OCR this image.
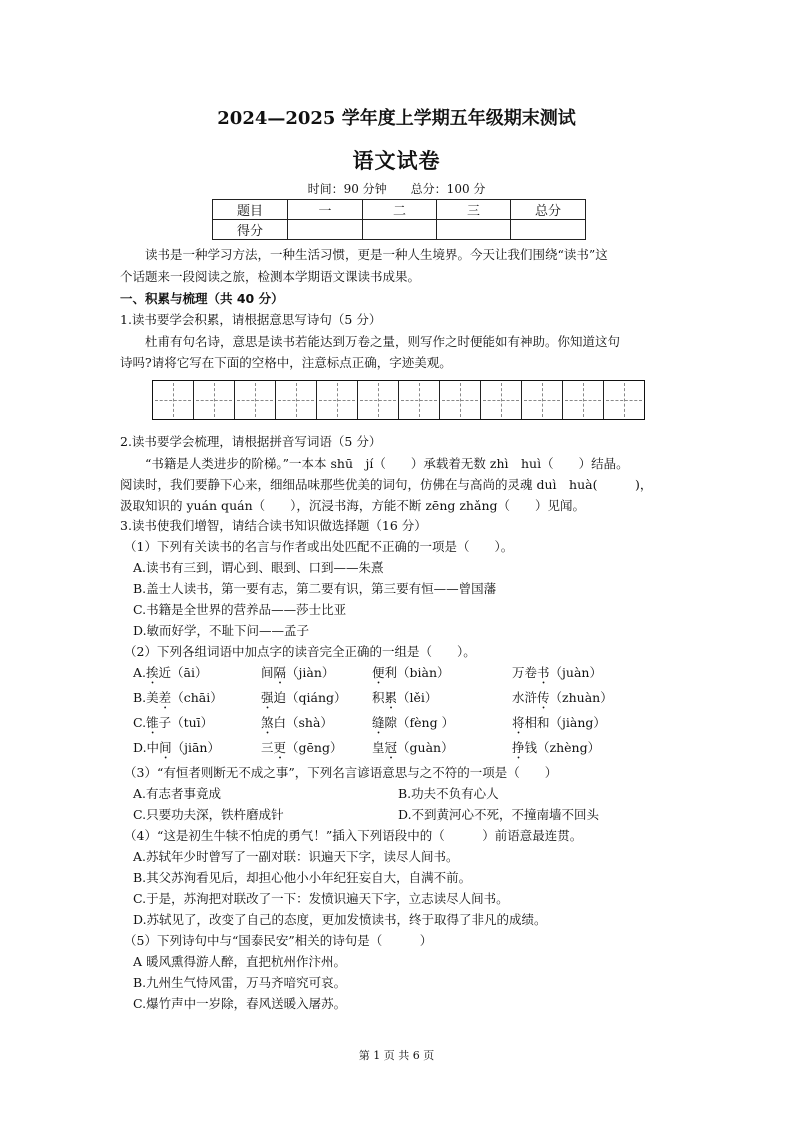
2024—2025 学年度上学期五年级期末测试
语文试卷
时间：90 分钟　　总分：100 分
题目	一	二	三	总分
得分				
读书是一种学习方法，一种生活习惯，更是一种人生境界。今天让我们围绕“读书”这
个话题来一段阅读之旅，检测本学期语文课读书成果。
一、积累与梳理（共 40 分）
1.读书要学会积累，请根据意思写诗句（5 分）
杜甫有句名诗，意思是读书若能达到万卷之量，则写作之时便能如有神助。你知道这句
诗吗?请将它写在下面的空格中，注意标点正确，字迹美观。
2.读书要学会梳理，请根据拼音写词语（5 分）
“书籍是人类进步的阶梯。”一本本 shū　jí（　　）承载着无数 zhì　huì（　　）结晶。
阅读时，我们要静下心来，细细品味那些优美的词句，仿佛在与高尚的灵魂 duì　huà(　　　)，
汲取知识的 yuán quán（　　），沉浸书海，方能不断 zēng zhǎng（　　）见闻。
3.读书使我们增智，请结合读书知识做选择题（16 分）
（1）下列有关读书的名言与作者或出处匹配不正确的一项是（　　）。
A.读书有三到，谓心到、眼到、口到——朱熹
B.盖士人读书，第一要有志，第二要有识，第三要有恒——曾国藩
C.书籍是全世界的营养品——莎士比亚
D.敏而好学，不耻下问——孟子
（2）下列各组词语中加点字的读音完全正确的一组是（　　）。
A.挨近（āi）	间隔（jiàn）	便利（biàn）	万卷书（juàn）
B.美差（chāi）	强迫（qiáng） 积累（lěi）	水浒传（zhuàn）
C.锥子（tuī）	煞白（shà）	缝隙（fèng ）	将相和（jiàng）
D.中间（jiān）	三更（gēng） 皇冠（guàn）	挣钱（zhèng）
（3）“有恒者则断无不成之事”，下列名言谚语意思与之不符的一项是（　　）
A.有志者事竟成	B.功夫不负有心人
C.只要功夫深，铁杵磨成针	D.不到黄河心不死，不撞南墙不回头
（4）“这是初生牛犊不怕虎的勇气！”插入下列语段中的（　　　）前语意最连贯。
A.苏轼年少时曾写了一副对联：识遍天下字，读尽人间书。
B.其父苏洵看见后，却担心他小小年纪狂妄自大，自满不前。
C.于是，苏洵把对联改了一下：发愤识遍天下字，立志读尽人间书。
D.苏轼见了，改变了自己的态度，更加发愤读书，终于取得了非凡的成绩。
（5）下列诗句中与“国泰民安”相关的诗句是（　　　）
A 暖风熏得游人醉，直把杭州作汴州。
B.九州生气恃风雷，万马齐喑究可哀。
C.爆竹声中一岁除，春风送暖入屠苏。
第 1 页 共 6 页
